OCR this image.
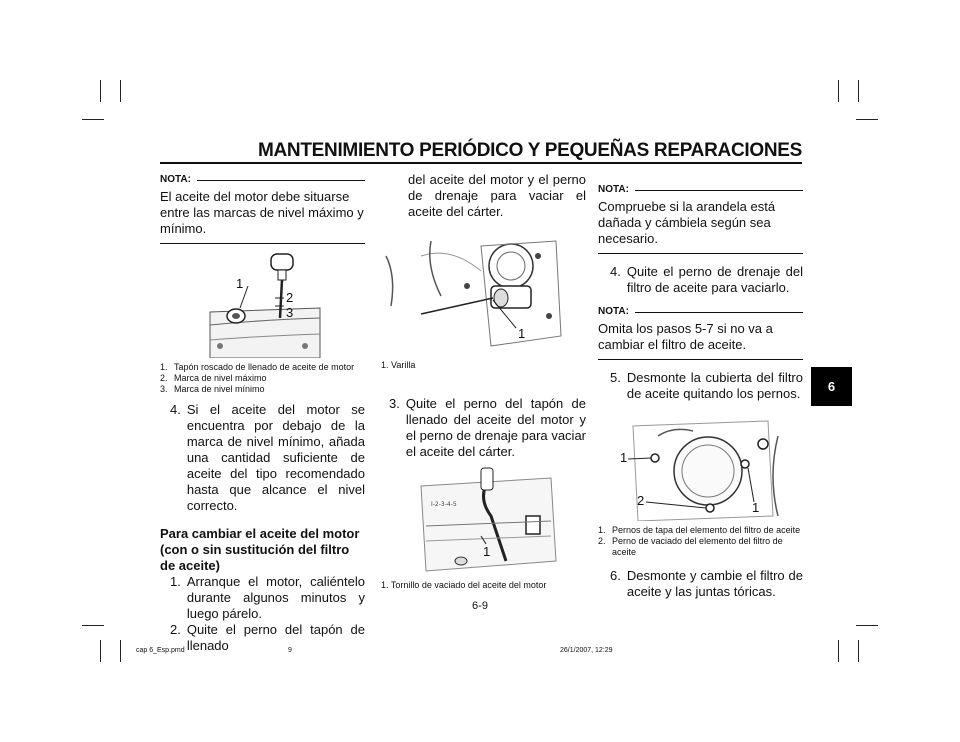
MANTENIMIENTO PERIÓDICO Y PEQUEÑAS REPARACIONES
NOTA:
El aceite del motor debe situarse entre las marcas de nivel máximo y mínimo.
1
2
3
1. Tapón roscado de llenado de aceite de motor
2. Marca de nivel máximo
3. Marca de nivel mínimo
4. Si el aceite del motor se encuentra por debajo de la marca de nivel mínimo, añada una cantidad suficiente de aceite del tipo recomendado hasta que alcance el nivel correcto.
Para cambiar el aceite del motor (con o sin sustitución del filtro de aceite)
1. Arranque el motor, caliéntelo durante algunos minutos y luego párelo.
2. Quite el perno del tapón de llenado
del aceite del motor y el perno de drenaje para vaciar el aceite del cárter.
1
1. Varilla
3. Quite el perno del tapón de llenado del aceite del motor y el perno de drenaje para vaciar el aceite del cárter.
I-2-3-4-5
1
1. Tornillo de vaciado del aceite del motor
NOTA:
Compruebe si la arandela está dañada y cámbiela según sea necesario.
4. Quite el perno de drenaje del filtro de aceite para vaciarlo.
NOTA:
Omita los pasos 5-7 si no va a cambiar el filtro de aceite.
5. Desmonte la cubierta del filtro de aceite quitando los pernos.
1
2	1
1. Pernos de tapa del elemento del filtro de aceite
2. Perno de vaciado del elemento del filtro de aceite
6. Desmonte y cambie el filtro de aceite y las juntas tóricas.
6
6-9
cap 6_Esp.pmd	9	26/1/2007, 12:29
